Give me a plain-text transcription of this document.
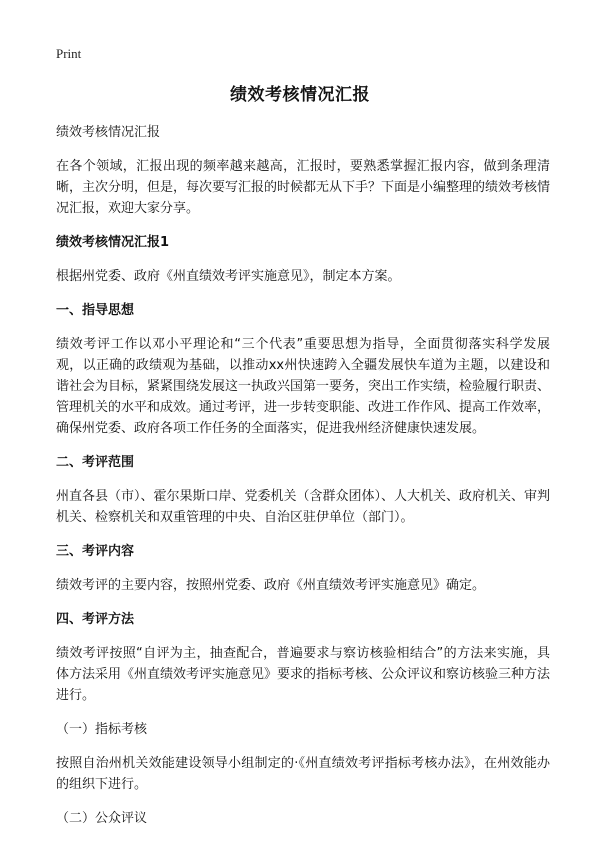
Print
绩效考核情况汇报

绩效考核情况汇报

在各个领域，汇报出现的频率越来越高，汇报时，要熟悉掌握汇报内容，做到条理清晰，主次分明，但是，每次要写汇报的时候都无从下手？下面是小编整理的绩效考核情况汇报，欢迎大家分享。

绩效考核情况汇报1

根据州党委、政府《州直绩效考评实施意见》，制定本方案。

一、指导思想

绩效考评工作以邓小平理论和“三个代表”重要思想为指导，全面贯彻落实科学发展观，以正确的政绩观为基础，以推动xx州快速跨入全疆发展快车道为主题，以建设和谐社会为目标，紧紧围绕发展这一执政兴国第一要务，突出工作实绩，检验履行职责、管理机关的水平和成效。通过考评，进一步转变职能、改进工作作风、提高工作效率，确保州党委、政府各项工作任务的全面落实，促进我州经济健康快速发展。

二、考评范围

州直各县（市）、霍尔果斯口岸、党委机关（含群众团体）、人大机关、政府机关、审判机关、检察机关和双重管理的中央、自治区驻伊单位（部门）。

三、考评内容

绩效考评的主要内容，按照州党委、政府《州直绩效考评实施意见》确定。

四、考评方法

绩效考评按照“自评为主，抽查配合，普遍要求与察访核验相结合”的方法来实施，具体方法采用《州直绩效考评实施意见》要求的指标考核、公众评议和察访核验三种方法进行。

（一）指标考核

按照自治州机关效能建设领导小组制定的·《州直绩效考评指标考核办法》，在州效能办的组织下进行。

（二）公众评议
